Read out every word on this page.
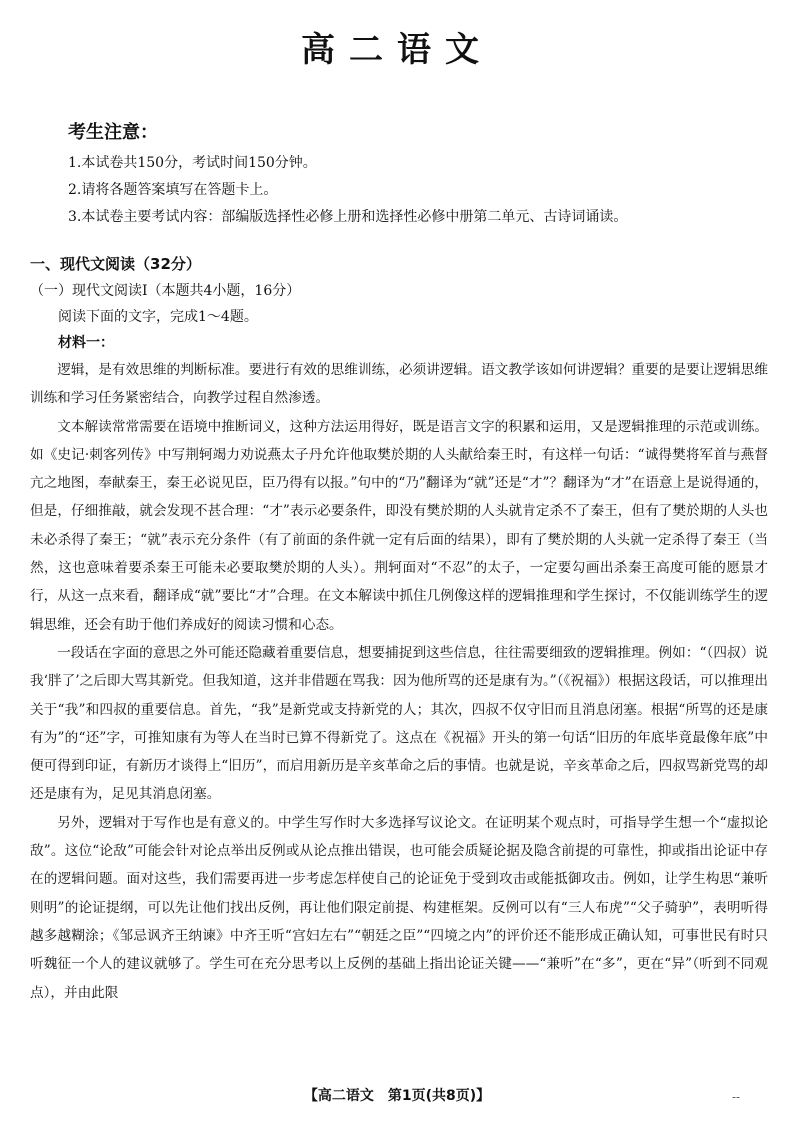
高二语文
考生注意：
1.本试卷共150分，考试时间150分钟。
2.请将各题答案填写在答题卡上。
3.本试卷主要考试内容：部编版选择性必修上册和选择性必修中册第二单元、古诗词诵读。
一、现代文阅读（32分）
（一）现代文阅读Ⅰ（本题共4小题，16分）
阅读下面的文字，完成1～4题。
材料一：

逻辑，是有效思维的判断标准。要进行有效的思维训练，必须讲逻辑。语文教学该如何讲逻辑？重要的是要让逻辑思维训练和学习任务紧密结合，向教学过程自然渗透。

文本解读常常需要在语境中推断词义，这种方法运用得好，既是语言文字的积累和运用，又是逻辑推理的示范或训练。如《史记·刺客列传》中写荆轲竭力劝说燕太子丹允许他取樊於期的人头献给秦王时，有这样一句话：“诚得樊将军首与燕督亢之地图，奉献秦王，秦王必说见臣，臣乃得有以报。”句中的“乃”翻译为“就”还是“才”？翻译为“才”在语意上是说得通的，但是，仔细推敲，就会发现不甚合理：“才”表示必要条件，即没有樊於期的人头就肯定杀不了秦王，但有了樊於期的人头也未必杀得了秦王；“就”表示充分条件（有了前面的条件就一定有后面的结果），即有了樊於期的人头就一定杀得了秦王（当然，这也意味着要杀秦王可能未必要取樊於期的人头）。荆轲面对“不忍”的太子，一定要勾画出杀秦王高度可能的愿景才行，从这一点来看，翻译成“就”要比“才”合理。在文本解读中抓住几例像这样的逻辑推理和学生探讨，不仅能训练学生的逻辑思维，还会有助于他们养成好的阅读习惯和心态。

一段话在字面的意思之外可能还隐藏着重要信息，想要捕捉到这些信息，往往需要细致的逻辑推理。例如：“（四叔）说我‘胖了’之后即大骂其新党。但我知道，这并非借题在骂我：因为他所骂的还是康有为。”（《祝福》）根据这段话，可以推理出关于“我”和四叔的重要信息。首先，“我”是新党或支持新党的人；其次，四叔不仅守旧而且消息闭塞。根据“所骂的还是康有为”的“还”字，可推知康有为等人在当时已算不得新党了。这点在《祝福》开头的第一句话“旧历的年底毕竟最像年底”中便可得到印证，有新历才谈得上“旧历”，而启用新历是辛亥革命之后的事情。也就是说，辛亥革命之后，四叔骂新党骂的却还是康有为，足见其消息闭塞。

另外，逻辑对于写作也是有意义的。中学生写作时大多选择写议论文。在证明某个观点时，可指导学生想一个“虚拟论敌”。这位“论敌”可能会针对论点举出反例或从论点推出错误，也可能会质疑论据及隐含前提的可靠性，抑或指出论证中存在的逻辑问题。面对这些，我们需要再进一步考虑怎样使自己的论证免于受到攻击或能抵御攻击。例如，让学生构思“兼听则明”的论证提纲，可以先让他们找出反例，再让他们限定前提、构建框架。反例可以有“三人布虎”“父子骑驴”，表明听得越多越糊涂；《邹忌讽齐王纳谏》中齐王听“宫妇左右”“朝廷之臣”“四境之内”的评价还不能形成正确认知，可事世民有时只听魏征一个人的建议就够了。学生可在充分思考以上反例的基础上指出论证关键——“兼听”在“多”，更在“异”（听到不同观点），并由此限

【高二语文　第1页(共8页)】	--
